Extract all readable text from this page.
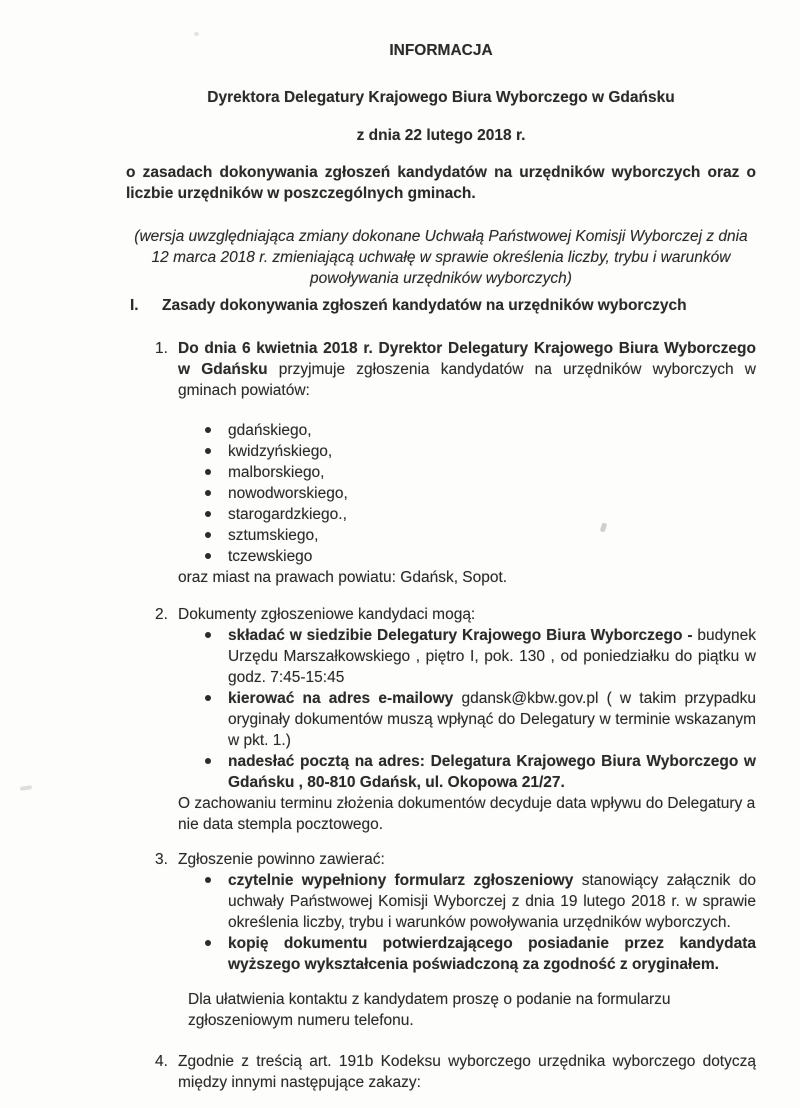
INFORMACJA
Dyrektora Delegatury Krajowego Biura Wyborczego w Gdańsku
z dnia 22 lutego 2018 r.

o zasadach dokonywania zgłoszeń kandydatów na urzędników wyborczych oraz o liczbie urzędników w poszczególnych gminach.

(wersja uwzględniająca zmiany dokonane Uchwałą Państwowej Komisji Wyborczej z dnia 12 marca 2018 r. zmieniającą uchwałę w sprawie określenia liczby, trybu i warunków powoływania urzędników wyborczych)

I. Zasady dokonywania zgłoszeń kandydatów na urzędników wyborczych
1. Do dnia 6 kwietnia 2018 r. Dyrektor Delegatury Krajowego Biura Wyborczego w Gdańsku przyjmuje zgłoszenia kandydatów na urzędników wyborczych w gminach powiatów:

gdańskiego,
kwidzyńskiego,
malborskiego,
nowodworskiego,
starogardzkiego.,
sztumskiego,
tczewskiego

oraz miast na prawach powiatu: Gdańsk, Sopot.

2. Dokumenty zgłoszeniowe kandydaci mogą:

składać w siedzibie Delegatury Krajowego Biura Wyborczego - budynek Urzędu Marszałkowskiego , piętro I, pok. 130 , od poniedziałku do piątku w godz. 7:45-15:45
kierować na adres e-mailowy gdansk@kbw.gov.pl ( w takim przypadku oryginały dokumentów muszą wpłynąć do Delegatury w terminie wskazanym w pkt. 1.)
nadesłać pocztą na adres: Delegatura Krajowego Biura Wyborczego w Gdańsku , 80-810 Gdańsk, ul. Okopowa 21/27.

O zachowaniu terminu złożenia dokumentów decyduje data wpływu do Delegatury a nie data stempla pocztowego.

3. Zgłoszenie powinno zawierać:

czytelnie wypełniony formularz zgłoszeniowy stanowiący załącznik do uchwały Państwowej Komisji Wyborczej z dnia 19 lutego 2018 r. w sprawie określenia liczby, trybu i warunków powoływania urzędników wyborczych.
kopię dokumentu potwierdzającego posiadanie przez kandydata wyższego wykształcenia poświadczoną za zgodność z oryginałem.

Dla ułatwienia kontaktu z kandydatem proszę o podanie na formularzu zgłoszeniowym numeru telefonu.

4. Zgodnie z treścią art. 191b Kodeksu wyborczego urzędnika wyborczego dotyczą między innymi następujące zakazy:
